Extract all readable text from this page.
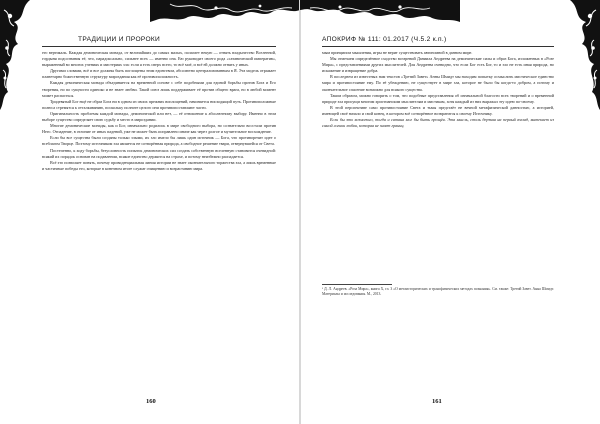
ТРАДИЦИИ И ПРОРОКИ

его вертикаль. Каждая демоническая монада, от величайших до самых малых, полагает некую — отнять владычество Вселенной, гордыня подсознания её, что, парадоксально, сильнее всех — именно она. Ею руководит своего рода «сатанический императив», выраженный во многих учениях и мистериях зла: если я есть сверх всего, то всё моё, и всё ей должно отнять у иных.

Другими словами, всё и все должны быть поглощены этим единством, абсолютно централизованным в Я. Эта модель отражает планетарно божественную структуру мироздания как её противоположность.

Каждая демоническая монада объединяется на временной основе с себе подобными для единой борьбы против Бога и Его творения, но по сущности одиноко и не знает любви. Такой союз лишь поддерживает её против общего врага, но в любой момент может распасться.

Тридевятый Бог ещё не образ Бога ни в одном из своих прежних воплощений, начинается нисходящий путь. Противоположные полюса стремятся к отталкиванию, поскольку полноте целого они противопоставляют части.

Оригинальность проблемы каждой монады, демонической или нет, — её отношение к абсолютному выбору. Именно в этом выборе существо определяет свою судьбу и место в мироздании.

Многие демонические монады, как и Бог, изначально родились в мире свободного выбора, но сознательно восстали против Него. Отпадение, в отличие от иных падений, уже не может быть исправлено иначе как через долгое и мучительное восхождение.

Если бы все существа были созданы только злыми, их зло имело бы лишь один источник — Бога, что противоречит идее о всеблагом Творце. Поэтому источником зла является не сотворённая природа, а свободное решение твари, отвернувшейся от Света.

Постепенно, к ходу борьбы, безусловность попыток демонических сил создать собственную вселенную становится очевидной: всякий их порядок основан на подавлении, всякое единство держится на страхе, и потому неизбежно распадается.

Всё это позволяет понять, почему провиденциальная линия истории не знает окончательного торжества зла, а лишь временные и частичные победы его, которые в конечном итоге служат очищению и возрастанию мира.

160
АПОКРИФ № 111: 01.2017 (Ч.5.2 к.п.)

мым принципом мышления, игры не верит существовать автономной в данном мире.

Мы отмечаем определённое сходство воззрений Даниила Андреева на демонические силы и образ Бога, изложенных в «Розе Мира», с представлениями других мыслителей. Для Андреева очевидно, что если Бог есть Бог, то и зло не есть иная природа, но искажение и извращение добра.

В последнем из известных нам текстов «Третий Завет» Анны Шмидт мы находим попытку осмыслить мистическое единство мира и противостояние ему. По её убеждению, не существует в мире зла, которое не было бы когда-то добром, а потому и окончательное спасение возможно для всякого существа.

Таким образом, можно говорить о том, что подобные представления об изначальной благости всех творений и о временной природе зла присущи многим христианским мыслителям и мистикам, хотя каждый из них выражал эту идею по-своему.

В этой перспективе само противостояние Света и тьмы предстаёт не вечной метафизической данностью, а историей, имеющей своё начало и свой конец, в котором всё сотворённое возвратится к своему Источнику.

Если бы это возможно, тогда и сатана мог бы быть прощён. Эта мысль, столь дерзкая на первый взгляд, вытекает из самой логики любви, которая не знает границ.

¹ Д. Л. Андреев. «Роза Мира», книга X, гл. 3 «О метаисторических и трансфизических методах познания». См. также: Третий Завет. Анна Шмидт. Материалы и исследования. М., 2013.
161
